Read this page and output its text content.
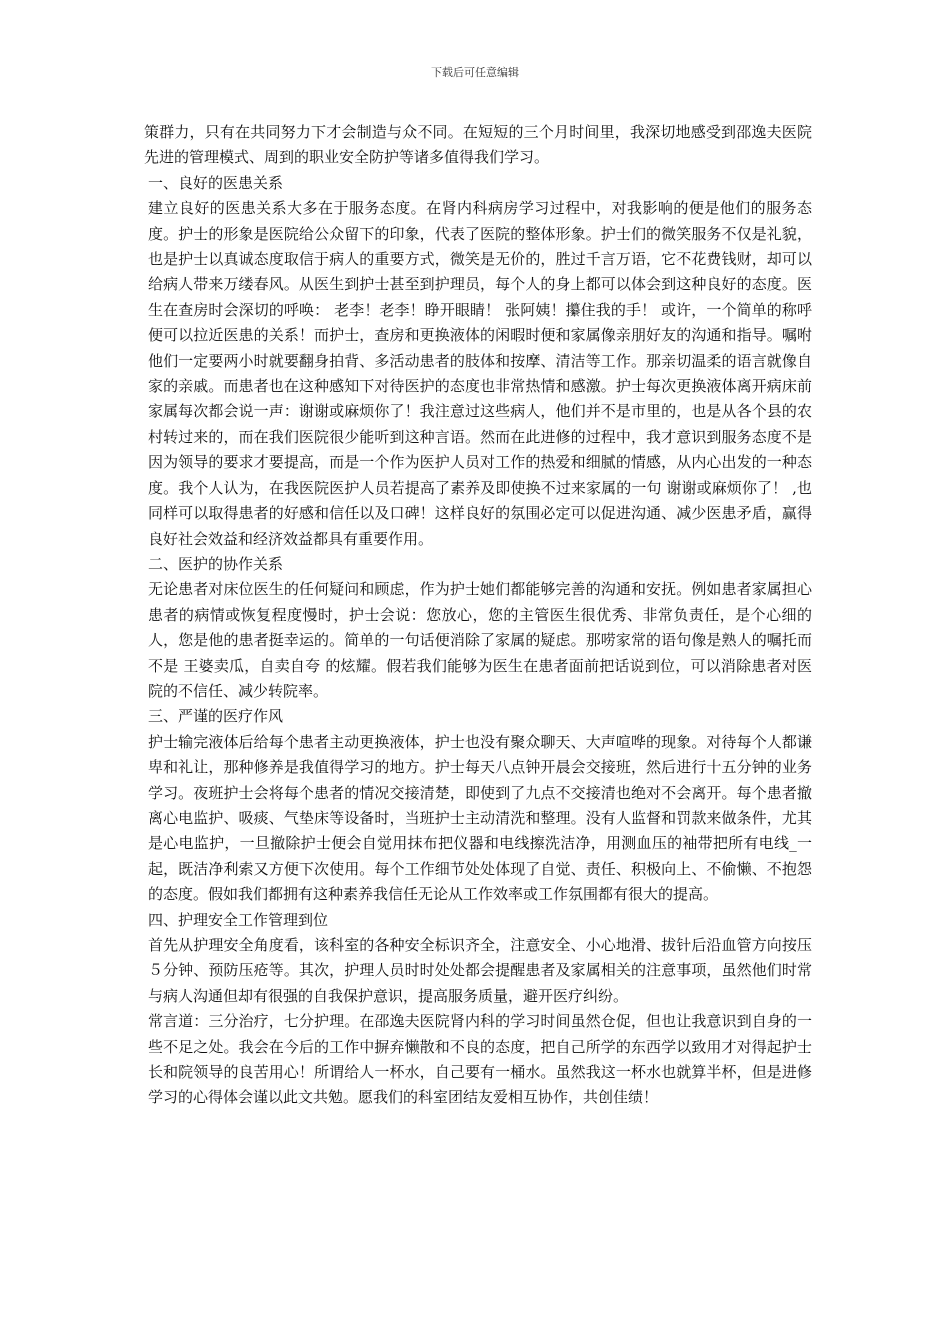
下载后可任意编辑

策群力，只有在共同努力下才会制造与众不同。在短短的三个月时间里，我深切地感受到邵逸夫医院先进的管理模式、周到的职业安全防护等诸多值得我们学习。

一、良好的医患关系

建立良好的医患关系大多在于服务态度。在肾内科病房学习过程中，对我影响的便是他们的服务态度。护士的形象是医院给公众留下的印象，代表了医院的整体形象。护士们的微笑服务不仅是礼貌，也是护士以真诚态度取信于病人的重要方式，微笑是无价的，胜过千言万语，它不花费钱财，却可以给病人带来万缕春风。从医生到护士甚至到护理员，每个人的身上都可以体会到这种良好的态度。医生在查房时会深切的呼唤： 老李！老李！睁开眼睛！ 张阿姨！攥住我的手！ 或许，一个简单的称呼便可以拉近医患的关系！而护士，查房和更换液体的闲暇时便和家属像亲朋好友的沟通和指导。嘱咐他们一定要两小时就要翻身拍背、多活动患者的肢体和按摩、清洁等工作。那亲切温柔的语言就像自家的亲戚。而患者也在这种感知下对待医护的态度也非常热情和感激。护士每次更换液体离开病床前家属每次都会说一声：谢谢或麻烦你了！我注意过这些病人，他们并不是市里的，也是从各个县的农村转过来的，而在我们医院很少能听到这种言语。然而在此进修的过程中，我才意识到服务态度不是因为领导的要求才要提高，而是一个作为医护人员对工作的热爱和细腻的情感，从内心出发的一种态度。我个人认为，在我医院医护人员若提高了素养及即使换不过来家属的一句 谢谢或麻烦你了！ ,也同样可以取得患者的好感和信任以及口碑！这样良好的氛围必定可以促进沟通、减少医患矛盾，赢得良好社会效益和经济效益都具有重要作用。

二、医护的协作关系

无论患者对床位医生的任何疑问和顾虑，作为护士她们都能够完善的沟通和安抚。例如患者家属担心患者的病情或恢复程度慢时，护士会说：您放心，您的主管医生很优秀、非常负责任，是个心细的人，您是他的患者挺幸运的。简单的一句话便消除了家属的疑虑。那唠家常的语句像是熟人的嘱托而不是 王婆卖瓜，自卖自夸 的炫耀。假若我们能够为医生在患者面前把话说到位，可以消除患者对医院的不信任、减少转院率。

三、严谨的医疗作风

护士输完液体后给每个患者主动更换液体，护士也没有聚众聊天、大声喧哗的现象。对待每个人都谦卑和礼让，那种修养是我值得学习的地方。护士每天八点钟开晨会交接班，然后进行十五分钟的业务学习。夜班护士会将每个患者的情况交接清楚，即使到了九点不交接清也绝对不会离开。每个患者撤离心电监护、吸痰、气垫床等设备时，当班护士主动清洗和整理。没有人监督和罚款来做条件，尤其是心电监护，一旦撤除护士便会自觉用抹布把仪器和电线擦洗洁净，用测血压的袖带把所有电线_一起，既洁净利索又方便下次使用。每个工作细节处处体现了自觉、责任、积极向上、不偷懒、不抱怨的态度。假如我们都拥有这种素养我信任无论从工作效率或工作氛围都有很大的提高。

四、护理安全工作管理到位

首先从护理安全角度看，该科室的各种安全标识齐全，注意安全、小心地滑、拔针后沿血管方向按压５分钟、预防压疮等。其次，护理人员时时处处都会提醒患者及家属相关的注意事项，虽然他们时常与病人沟通但却有很强的自我保护意识，提高服务质量，避开医疗纠纷。

常言道：三分治疗，七分护理。在邵逸夫医院肾内科的学习时间虽然仓促，但也让我意识到自身的一些不足之处。我会在今后的工作中摒弃懒散和不良的态度，把自己所学的东西学以致用才对得起护士长和院领导的良苦用心！所谓给人一杯水，自己要有一桶水。虽然我这一杯水也就算半杯，但是进修学习的心得体会谨以此文共勉。愿我们的科室团结友爱相互协作，共创佳绩！
